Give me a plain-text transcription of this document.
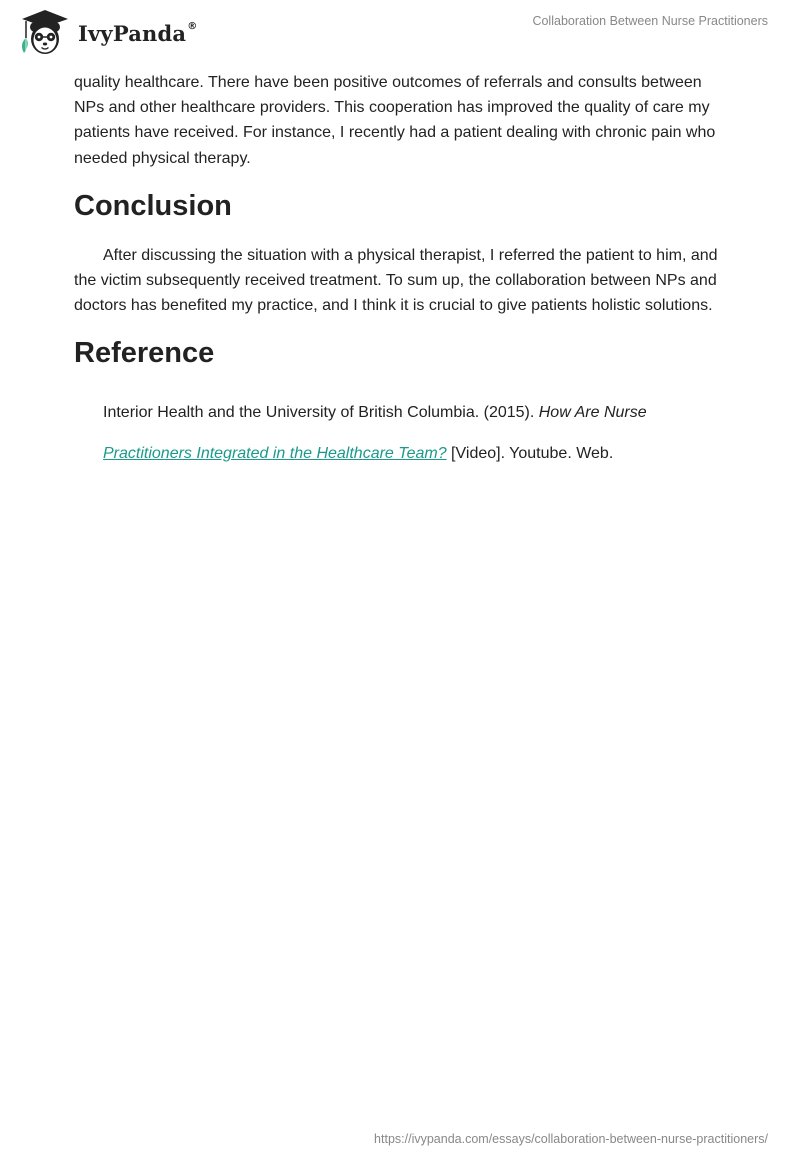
IvyPanda®	Collaboration Between Nurse Practitioners

quality healthcare. There have been positive outcomes of referrals and consults between NPs and other healthcare providers. This cooperation has improved the quality of care my patients have received. For instance, I recently had a patient dealing with chronic pain who needed physical therapy.

Conclusion

After discussing the situation with a physical therapist, I referred the patient to him, and the victim subsequently received treatment. To sum up, the collaboration between NPs and doctors has benefited my practice, and I think it is crucial to give patients holistic solutions.

Reference

Interior Health and the University of British Columbia. (2015). How Are Nurse
Practitioners Integrated in the Healthcare Team? [Video]. Youtube. Web.

https://ivypanda.com/essays/collaboration-between-nurse-practitioners/
